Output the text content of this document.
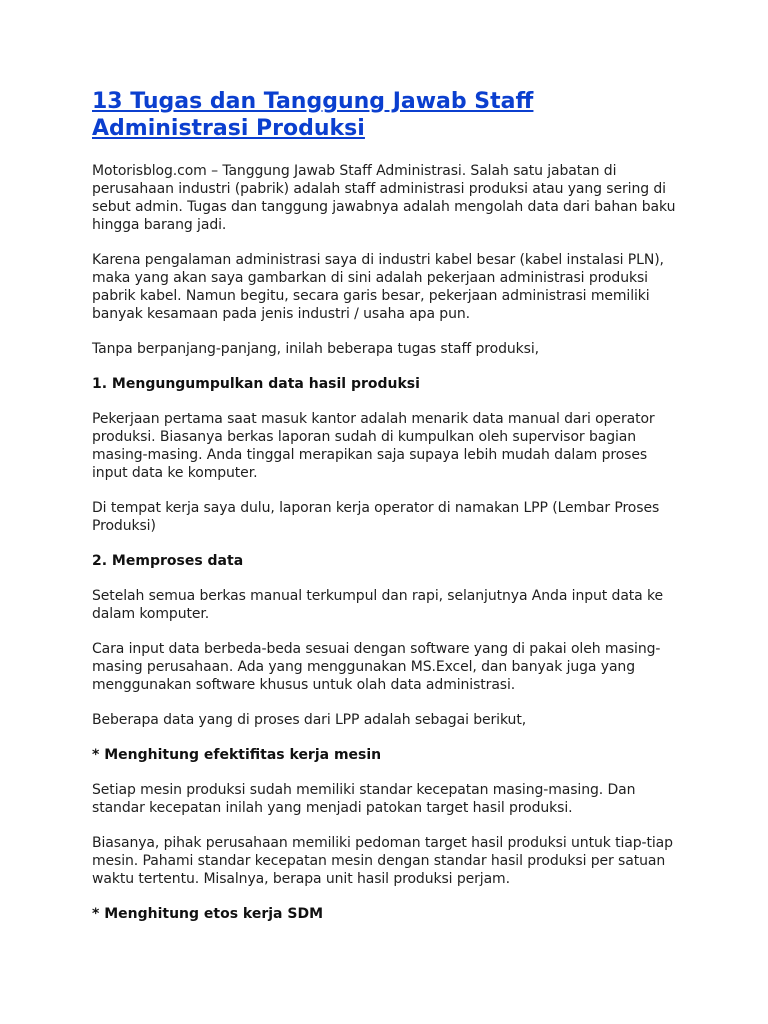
13 Tugas dan Tanggung Jawab Staff Administrasi Produksi

Motorisblog.com – Tanggung Jawab Staff Administrasi. Salah satu jabatan di perusahaan industri (pabrik) adalah staff administrasi produksi atau yang sering di sebut admin. Tugas dan tanggung jawabnya adalah mengolah data dari bahan baku hingga barang jadi.

Karena pengalaman administrasi saya di industri kabel besar (kabel instalasi PLN), maka yang akan saya gambarkan di sini adalah pekerjaan administrasi produksi pabrik kabel. Namun begitu, secara garis besar, pekerjaan administrasi memiliki banyak kesamaan pada jenis industri / usaha apa pun.

Tanpa berpanjang-panjang, inilah beberapa tugas staff produksi,

1. Mengungumpulkan data hasil produksi

Pekerjaan pertama saat masuk kantor adalah menarik data manual dari operator produksi. Biasanya berkas laporan sudah di kumpulkan oleh supervisor bagian masing-masing. Anda tinggal merapikan saja supaya lebih mudah dalam proses input data ke komputer.

Di tempat kerja saya dulu, laporan kerja operator di namakan LPP (Lembar Proses Produksi)

2. Memproses data

Setelah semua berkas manual terkumpul dan rapi, selanjutnya Anda input data ke dalam komputer.

Cara input data berbeda-beda sesuai dengan software yang di pakai oleh masing-masing perusahaan. Ada yang menggunakan MS.Excel, dan banyak juga yang menggunakan software khusus untuk olah data administrasi.

Beberapa data yang di proses dari LPP adalah sebagai berikut,

* Menghitung efektifitas kerja mesin

Setiap mesin produksi sudah memiliki standar kecepatan masing-masing. Dan standar kecepatan inilah yang menjadi patokan target hasil produksi.

Biasanya, pihak perusahaan memiliki pedoman target hasil produksi untuk tiap-tiap mesin. Pahami standar kecepatan mesin dengan standar hasil produksi per satuan waktu tertentu. Misalnya, berapa unit hasil produksi perjam.

* Menghitung etos kerja SDM
